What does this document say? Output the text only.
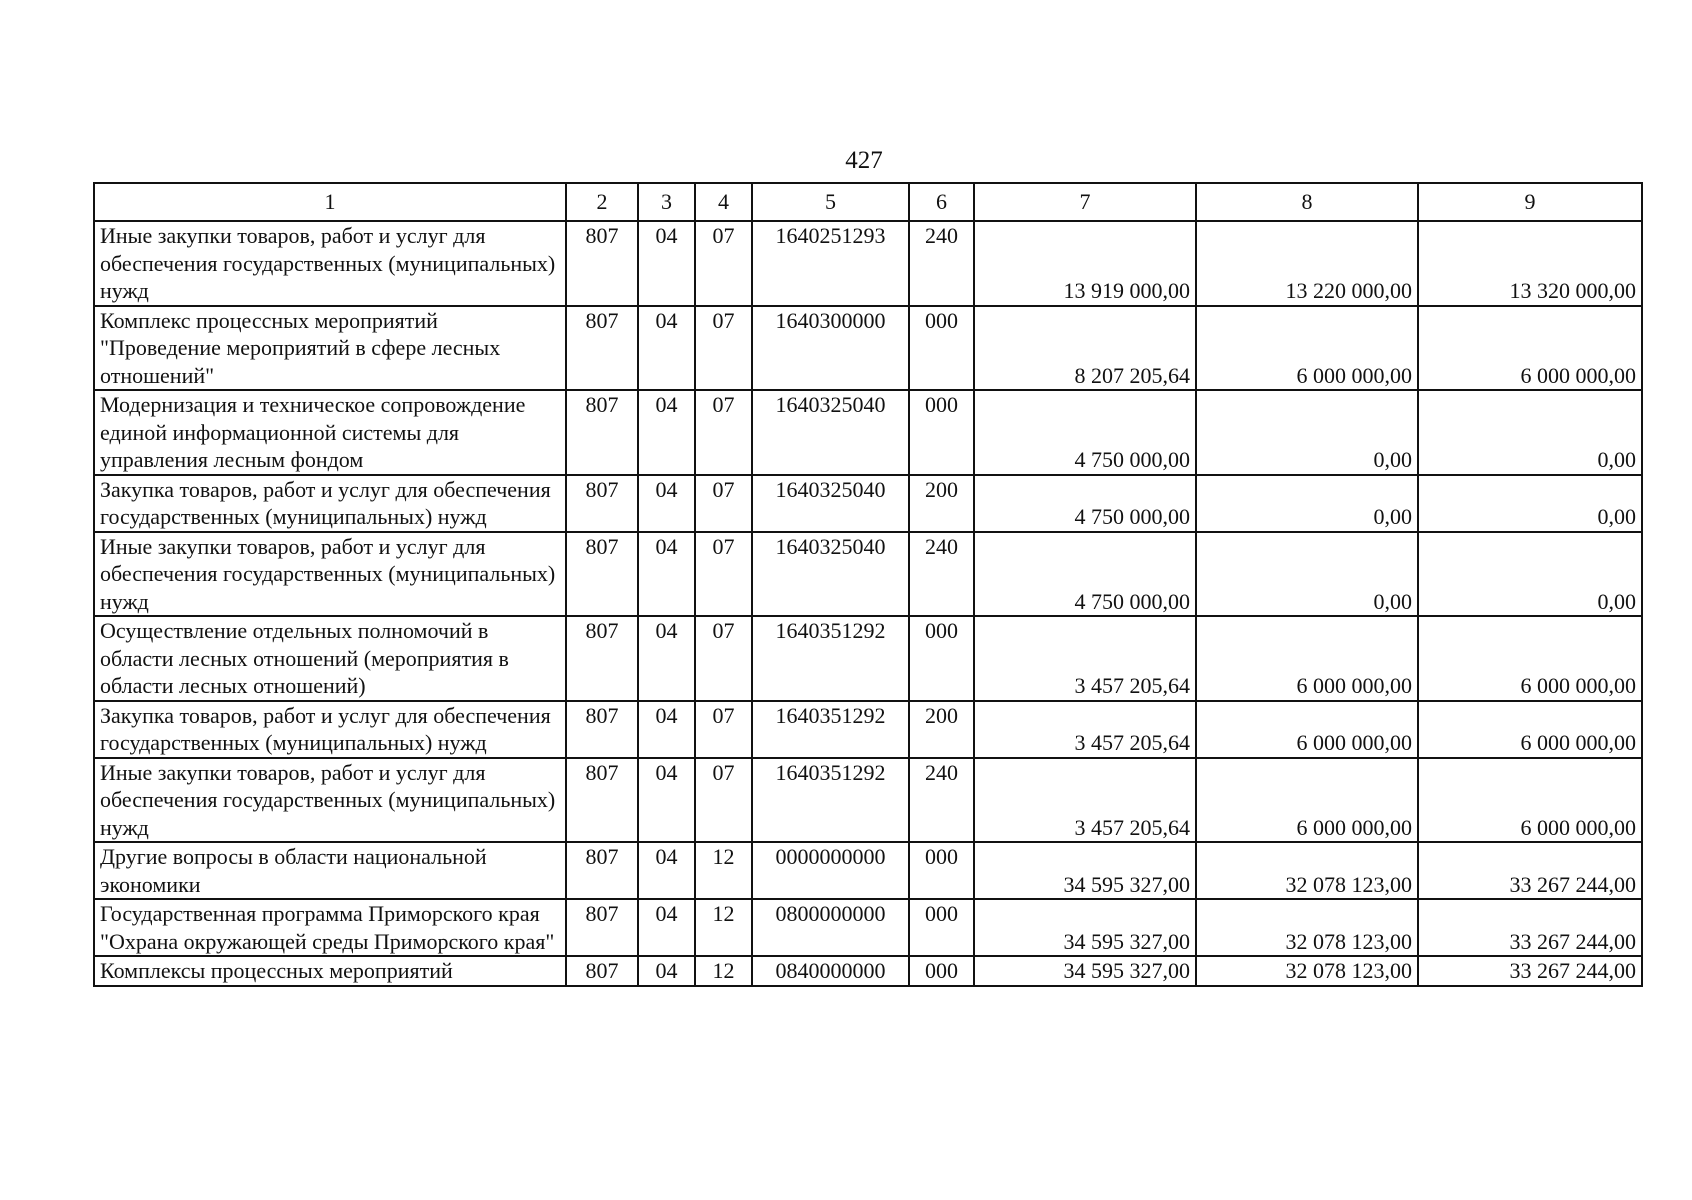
427
1	2	3	4	5	6	7	8	9
Иные закупки товаров, работ и услуг для обеспечения государственных (муниципальных) нужд	807	04	07	1640251293	240	13 919 000,00	13 220 000,00	13 320 000,00
Комплекс процессных мероприятий "Проведение мероприятий в сфере лесных отношений"	807	04	07	1640300000	000	8 207 205,64	6 000 000,00	6 000 000,00
Модернизация и техническое сопровождение единой информационной системы для управления лесным фондом	807	04	07	1640325040	000	4 750 000,00	0,00	0,00
Закупка товаров, работ и услуг для обеспечения государственных (муниципальных) нужд	807	04	07	1640325040	200	4 750 000,00	0,00	0,00
Иные закупки товаров, работ и услуг для обеспечения государственных (муниципальных) нужд	807	04	07	1640325040	240	4 750 000,00	0,00	0,00
Осуществление отдельных полномочий в области лесных отношений (мероприятия в области лесных отношений)	807	04	07	1640351292	000	3 457 205,64	6 000 000,00	6 000 000,00
Закупка товаров, работ и услуг для обеспечения государственных (муниципальных) нужд	807	04	07	1640351292	200	3 457 205,64	6 000 000,00	6 000 000,00
Иные закупки товаров, работ и услуг для обеспечения государственных (муниципальных) нужд	807	04	07	1640351292	240	3 457 205,64	6 000 000,00	6 000 000,00
Другие вопросы в области национальной экономики	807	04	12	0000000000	000	34 595 327,00	32 078 123,00	33 267 244,00
Государственная программа Приморского края "Охрана окружающей среды Приморского края"	807	04	12	0800000000	000	34 595 327,00	32 078 123,00	33 267 244,00
Комплексы процессных мероприятий	807	04	12	0840000000	000	34 595 327,00	32 078 123,00	33 267 244,00
